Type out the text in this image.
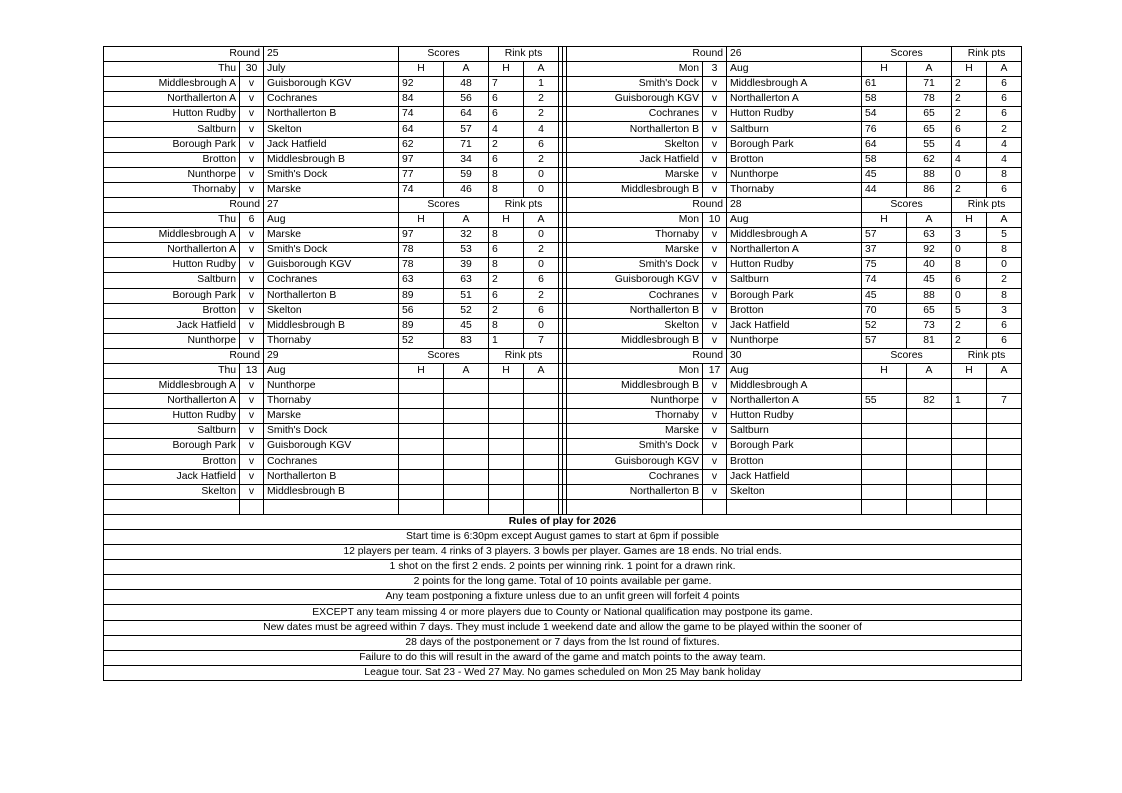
Round		25	Scores		Rink pts				Round		26	Scores		Rink pts	
Thu	30	July	H	A	H	A			Mon	3	Aug	H	A	H	A
Middlesbrough A	v	Guisborough KGV	92	48	7	1			Smith's Dock	v	Middlesbrough A	61	71	2	6
Northallerton A	v	Cochranes	84	56	6	2			Guisborough KGV	v	Northallerton A	58	78	2	6
Hutton Rudby	v	Northallerton B	74	64	6	2			Cochranes	v	Hutton Rudby	54	65	2	6
Saltburn	v	Skelton	64	57	4	4			Northallerton B	v	Saltburn	76	65	6	2
Borough Park	v	Jack Hatfield	62	71	2	6			Skelton	v	Borough Park	64	55	4	4
Brotton	v	Middlesbrough B	97	34	6	2			Jack Hatfield	v	Brotton	58	62	4	4
Nunthorpe	v	Smith's Dock	77	59	8	0			Marske	v	Nunthorpe	45	88	0	8
Thornaby	v	Marske	74	46	8	0			Middlesbrough B	v	Thornaby	44	86	2	6
Round		27	Scores		Rink pts				Round		28	Scores		Rink pts	
Thu	6	Aug	H	A	H	A			Mon	10	Aug	H	A	H	A
Middlesbrough A	v	Marske	97	32	8	0			Thornaby	v	Middlesbrough A	57	63	3	5
Northallerton A	v	Smith's Dock	78	53	6	2			Marske	v	Northallerton A	37	92	0	8
Hutton Rudby	v	Guisborough KGV	78	39	8	0			Smith's Dock	v	Hutton Rudby	75	40	8	0
Saltburn	v	Cochranes	63	63	2	6			Guisborough KGV	v	Saltburn	74	45	6	2
Borough Park	v	Northallerton B	89	51	6	2			Cochranes	v	Borough Park	45	88	0	8
Brotton	v	Skelton	56	52	2	6			Northallerton B	v	Brotton	70	65	5	3
Jack Hatfield	v	Middlesbrough B	89	45	8	0			Skelton	v	Jack Hatfield	52	73	2	6
Nunthorpe	v	Thornaby	52	83	1	7			Middlesbrough B	v	Nunthorpe	57	81	2	6
Round		29	Scores		Rink pts				Round		30	Scores		Rink pts	
Thu	13	Aug	H	A	H	A			Mon	17	Aug	H	A	H	A
Middlesbrough A	v	Nunthorpe							Middlesbrough B	v	Middlesbrough A				
Northallerton A	v	Thornaby							Nunthorpe	v	Northallerton A	55	82	1	7
Hutton Rudby	v	Marske							Thornaby	v	Hutton Rudby				
Saltburn	v	Smith's Dock							Marske	v	Saltburn				
Borough Park	v	Guisborough KGV							Smith's Dock	v	Borough Park				
Brotton	v	Cochranes							Guisborough KGV	v	Brotton				
Jack Hatfield	v	Northallerton B							Cochranes	v	Jack Hatfield				
Skelton	v	Middlesbrough B							Northallerton B	v	Skelton				

Rules of play for 2026															
Start time is 6:30pm except August games to start at 6pm if possible															
12 players per team. 4 rinks of 3 players. 3 bowls per player. Games are 18 ends. No trial ends.															
1 shot on the first 2 ends. 2 points per winning rink. 1 point for a drawn rink.															
2 points for the long game. Total of 10 points available per game.															
Any team postponing a fixture unless due to an unfit green will forfeit 4 points															
EXCEPT any team missing 4 or more players due to County or National qualification may postpone its game.															
New dates must be agreed within 7 days. They must include 1 weekend date and allow the game to be played within the sooner of															
28 days of the postponement or 7 days from the lst round of fixtures.															
Failure to do this will result in the award of the game and match points to the away team.															
League tour. Sat 23 - Wed 27 May. No games scheduled on Mon 25 May bank holiday															
